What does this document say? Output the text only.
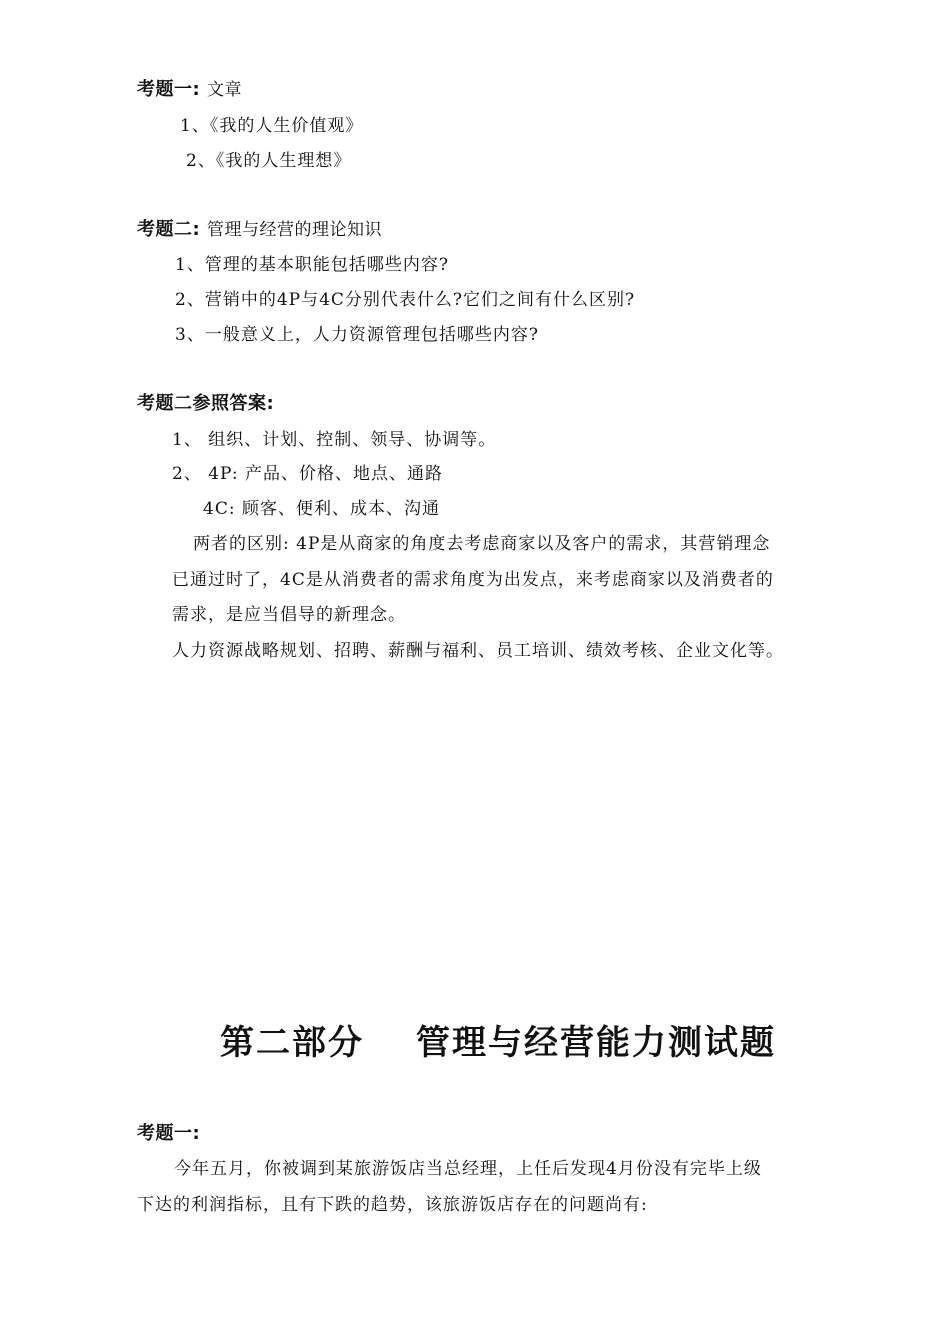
考题一: 文章
1、《我的人生价值观》
2、《我的人生理想》
考题二: 管理与经营的理论知识
1、管理的基本职能包括哪些内容?
2、营销中的4P与4C分别代表什么?它们之间有什么区别?
3、一般意义上，人力资源管理包括哪些内容?
考题二参照答案:
1、 组织、计划、控制、领导、协调等。
2、 4P: 产品、价格、地点、通路
4C: 顾客、便利、成本、沟通
两者的区别: 4P是从商家的角度去考虑商家以及客户的需求，其营销理念
已通过时了，4C是从消费者的需求角度为出发点，来考虑商家以及消费者的
需求，是应当倡导的新理念。
人力资源战略规划、招聘、薪酬与福利、员工培训、绩效考核、企业文化等。
第二部分 管理与经营能力测试题
考题一:
今年五月，你被调到某旅游饭店当总经理，上任后发现4月份没有完毕上级
下达的利润指标，且有下跌的趋势，该旅游饭店存在的问题尚有:
